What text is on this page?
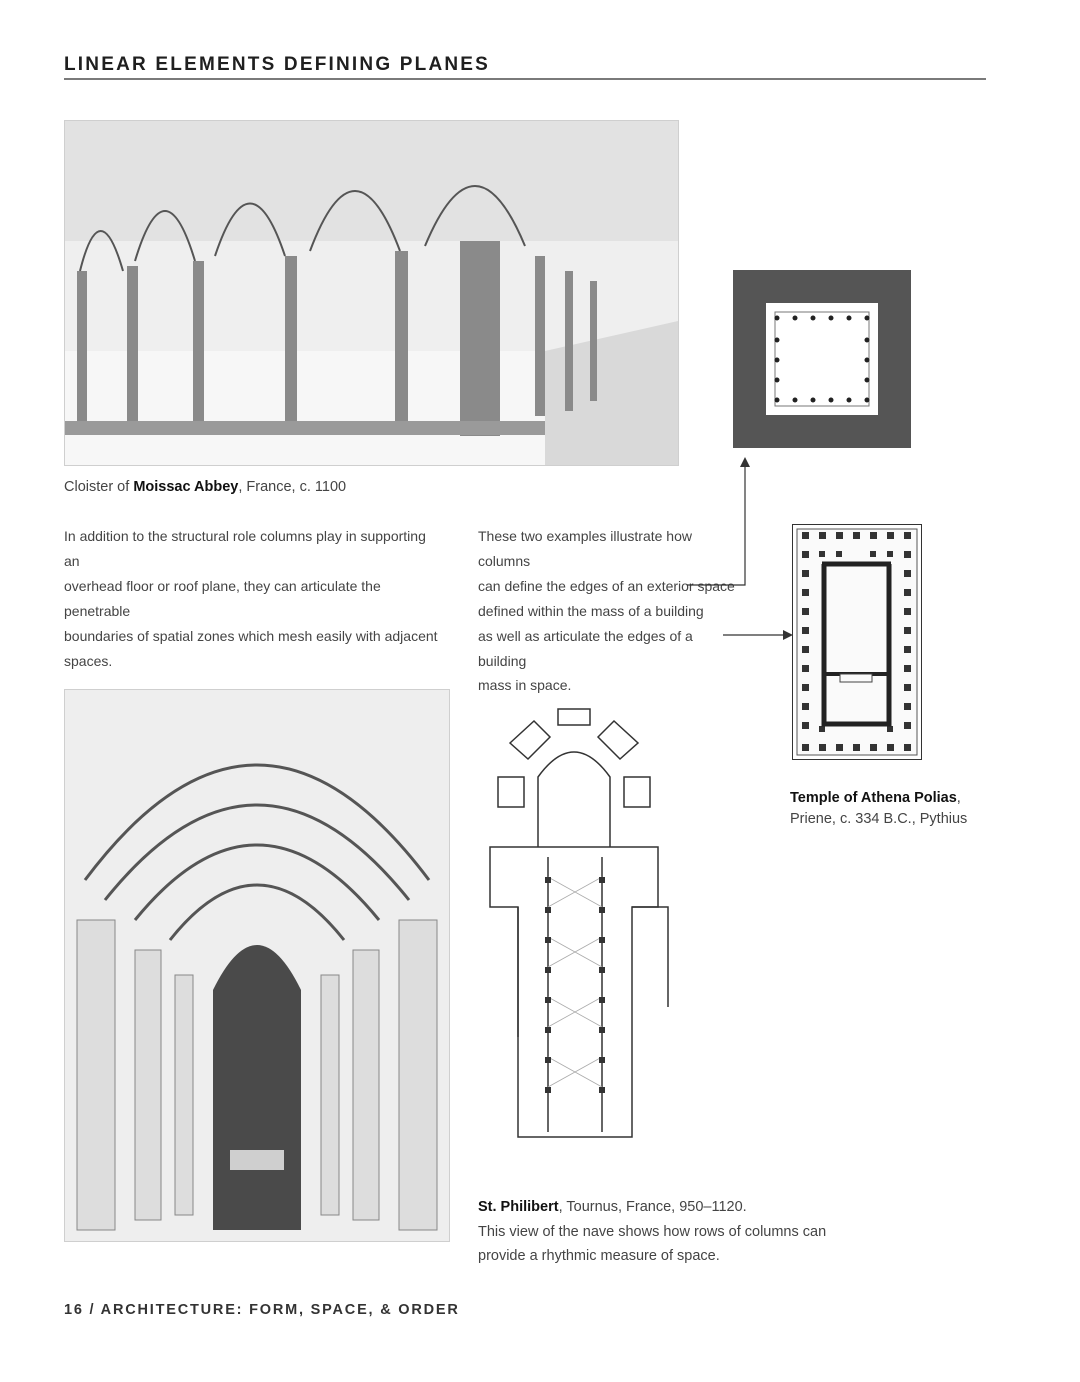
LINEAR ELEMENTS DEFINING PLANES
Cloister of Moissac Abbey, France, c. 1100
In addition to the structural role columns play in supporting an
overhead floor or roof plane, they can articulate the penetrable
boundaries of spatial zones which mesh easily with adjacent
spaces.
These two examples illustrate how columns
can define the edges of an exterior space
defined within the mass of a building
as well as articulate the edges of a building
mass in space.
Temple of Athena Polias,
Priene, c. 334 B.C., Pythius
St. Philibert, Tournus, France, 950–1120.
This view of the nave shows how rows of columns can
provide a rhythmic measure of space.
16 / ARCHITECTURE: FORM, SPACE, & ORDER
